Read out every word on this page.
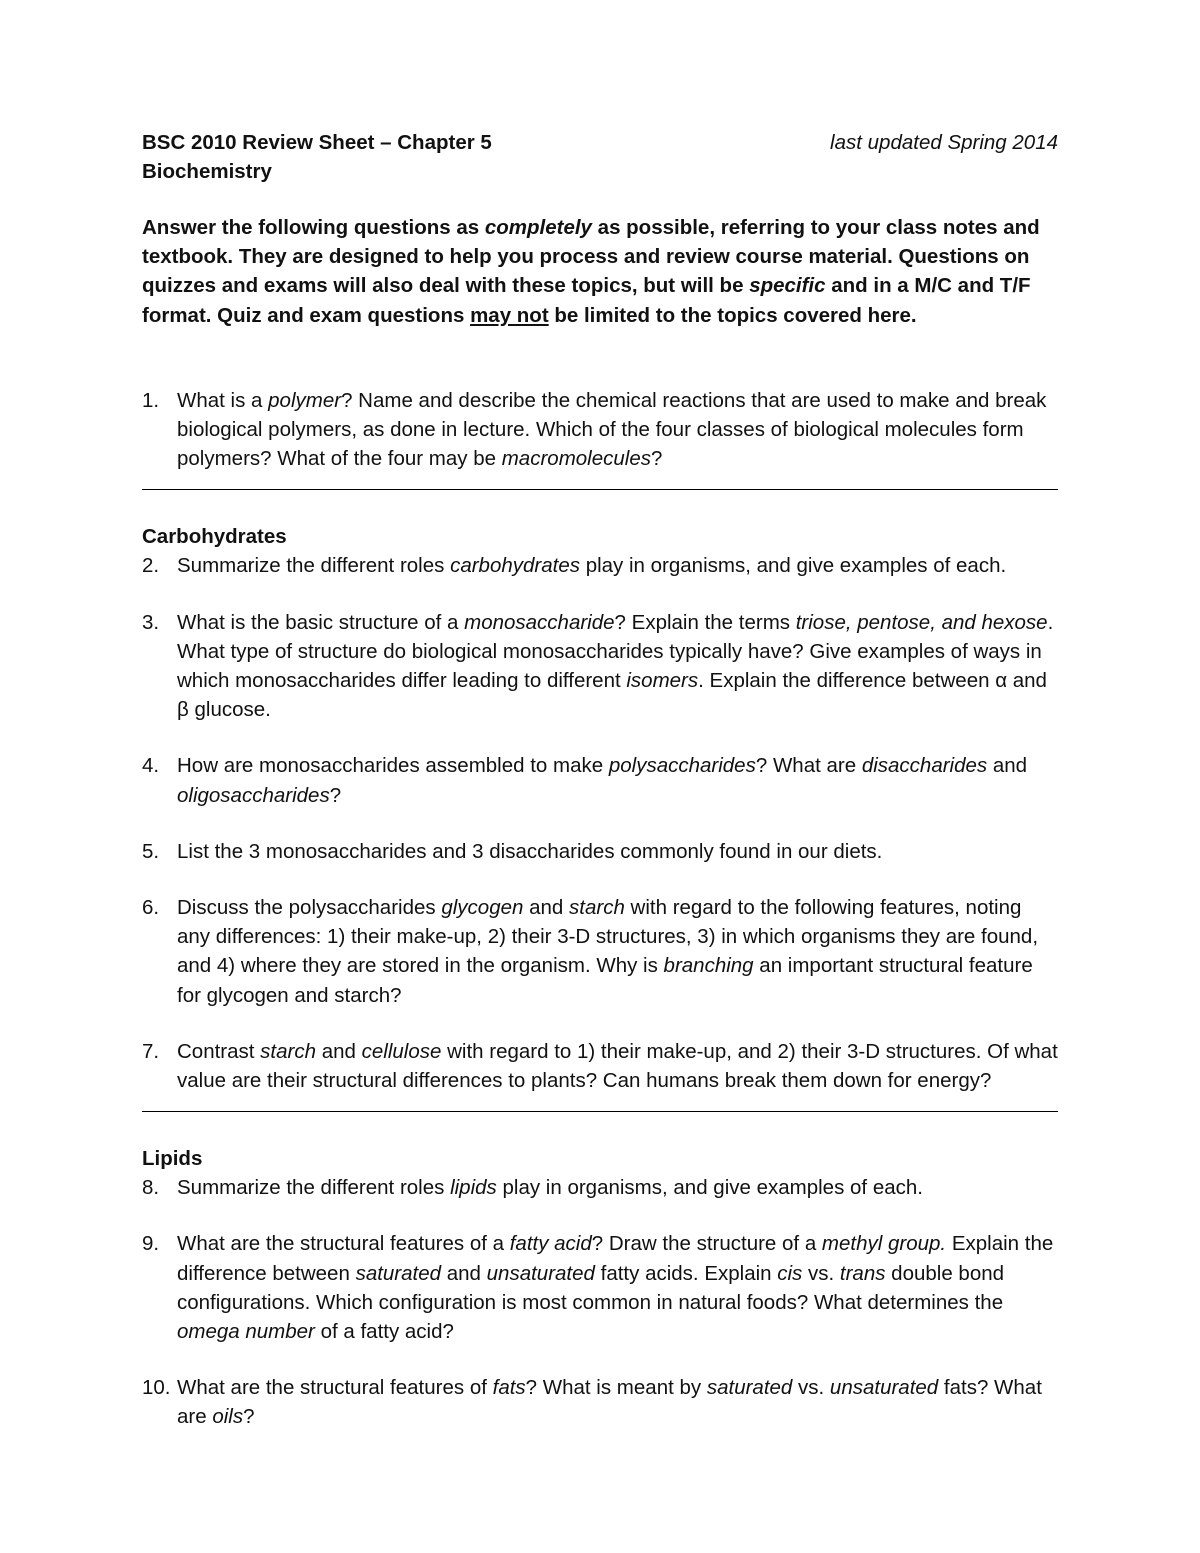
BSC 2010 Review Sheet – Chapter 5
Biochemistry
last updated Spring 2014
Answer the following questions as completely as possible, referring to your class notes and textbook. They are designed to help you process and review course material. Questions on quizzes and exams will also deal with these topics, but will be specific and in a M/C and T/F format. Quiz and exam questions may not be limited to the topics covered here.
1. What is a polymer? Name and describe the chemical reactions that are used to make and break biological polymers, as done in lecture. Which of the four classes of biological molecules form polymers? What of the four may be macromolecules?
Carbohydrates
2. Summarize the different roles carbohydrates play in organisms, and give examples of each.
3. What is the basic structure of a monosaccharide? Explain the terms triose, pentose, and hexose. What type of structure do biological monosaccharides typically have? Give examples of ways in which monosaccharides differ leading to different isomers. Explain the difference between α and β glucose.
4. How are monosaccharides assembled to make polysaccharides? What are disaccharides and oligosaccharides?
5. List the 3 monosaccharides and 3 disaccharides commonly found in our diets.
6. Discuss the polysaccharides glycogen and starch with regard to the following features, noting any differences: 1) their make-up, 2) their 3-D structures, 3) in which organisms they are found, and 4) where they are stored in the organism. Why is branching an important structural feature for glycogen and starch?
7. Contrast starch and cellulose with regard to 1) their make-up, and 2) their 3-D structures. Of what value are their structural differences to plants? Can humans break them down for energy?
Lipids
8. Summarize the different roles lipids play in organisms, and give examples of each.
9. What are the structural features of a fatty acid? Draw the structure of a methyl group. Explain the difference between saturated and unsaturated fatty acids. Explain cis vs. trans double bond configurations. Which configuration is most common in natural foods? What determines the omega number of a fatty acid?
10. What are the structural features of fats? What is meant by saturated vs. unsaturated fats? What are oils?
